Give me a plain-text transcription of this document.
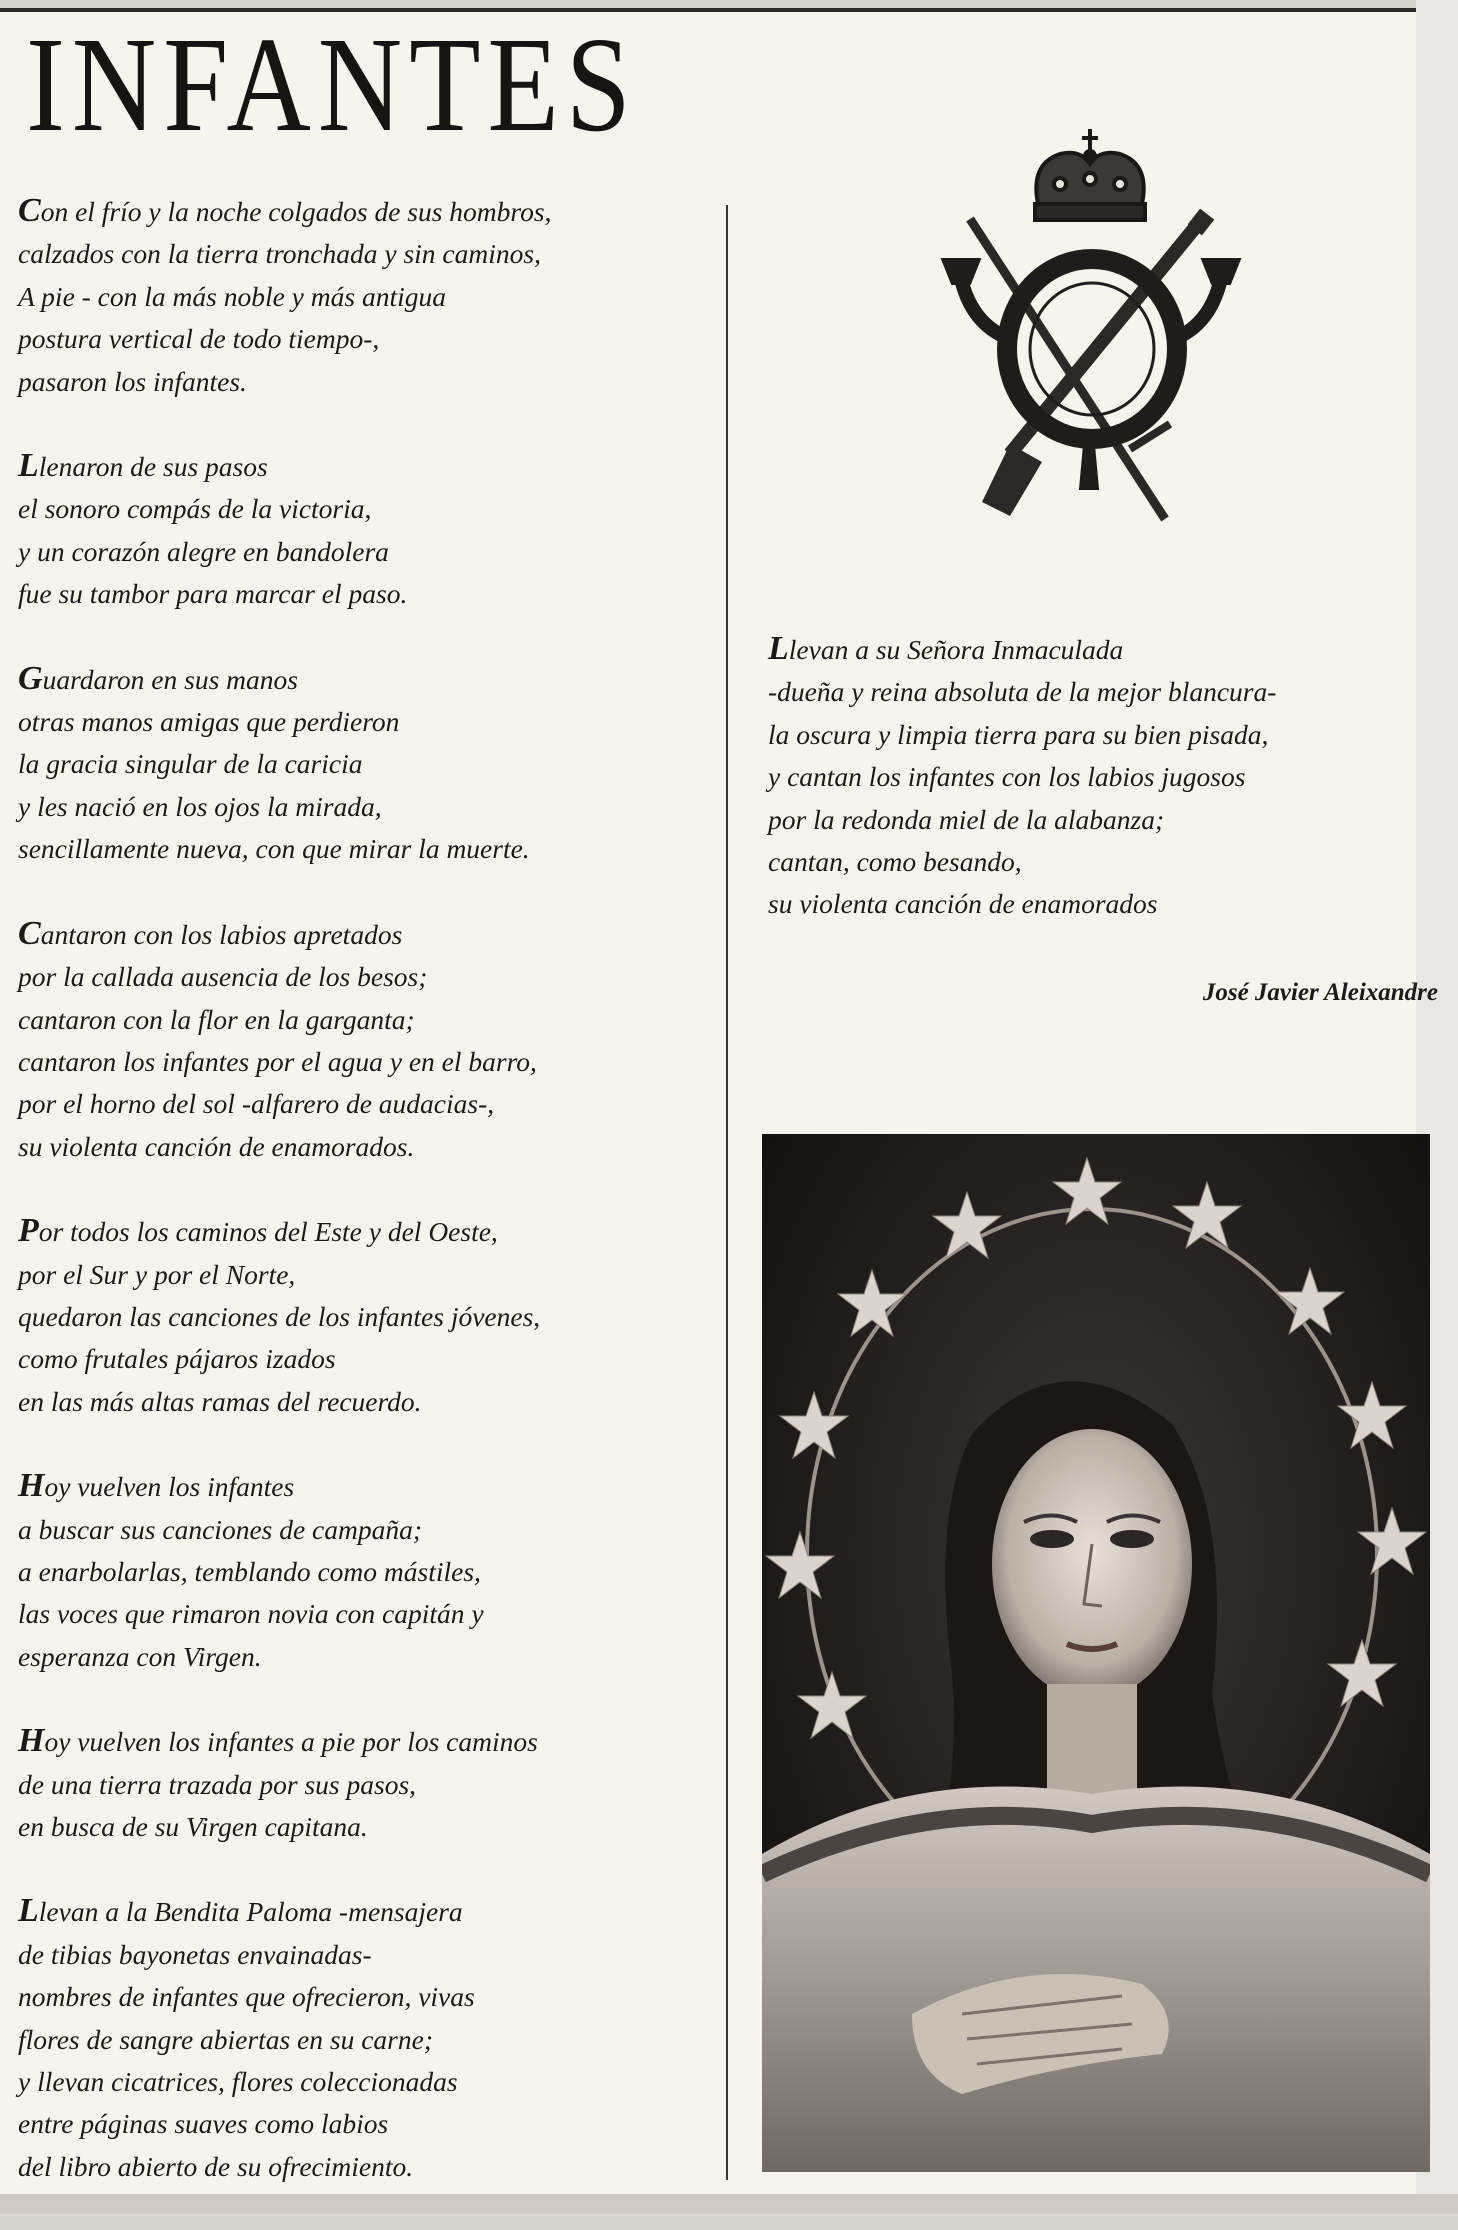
INFANTES
Con el frío y la noche colgados de sus hombros,
calzados con la tierra tronchada y sin caminos,
A pie - con la más noble y más antigua
postura vertical de todo tiempo-,
pasaron los infantes.
Llenaron de sus pasos
el sonoro compás de la victoria,
y un corazón alegre en bandolera
fue su tambor para marcar el paso.
Guardaron en sus manos
otras manos amigas que perdieron
la gracia singular de la caricia
y les nació en los ojos la mirada,
sencillamente nueva, con que mirar la muerte.
Cantaron con los labios apretados
por la callada ausencia de los besos;
cantaron con la flor en la garganta;
cantaron los infantes por el agua y en el barro,
por el horno del sol -alfarero de audacias-,
su violenta canción de enamorados.
Por todos los caminos del Este y del Oeste,
por el Sur y por el Norte,
quedaron las canciones de los infantes jóvenes,
como frutales pájaros izados
en las más altas ramas del recuerdo.
Hoy vuelven los infantes
a buscar sus canciones de campaña;
a enarbolarlas, temblando como mástiles,
las voces que rimaron novia con capitán y
esperanza con Virgen.
Hoy vuelven los infantes a pie por los caminos
de una tierra trazada por sus pasos,
en busca de su Virgen capitana.
Llevan a la Bendita Paloma -mensajera
de tibias bayonetas envainadas-
nombres de infantes que ofrecieron, vivas
flores de sangre abiertas en su carne;
y llevan cicatrices, flores coleccionadas
entre páginas suaves como labios
del libro abierto de su ofrecimiento.
Llevan a su Señora Inmaculada
-dueña y reina absoluta de la mejor blancura-
la oscura y limpia tierra para su bien pisada,
y cantan los infantes con los labios jugosos
por la redonda miel de la alabanza;
cantan, como besando,
su violenta canción de enamorados
José Javier Aleixandre
